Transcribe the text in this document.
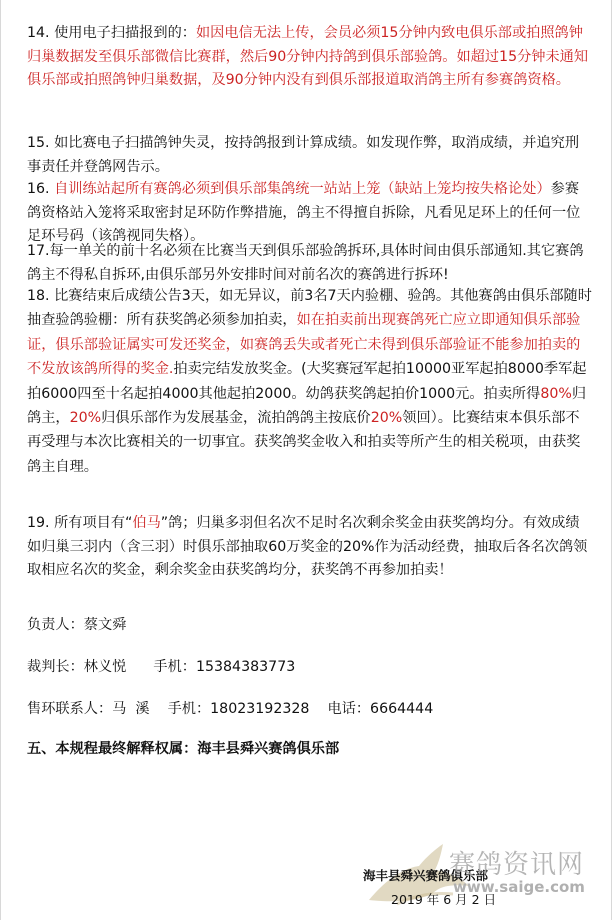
14. 使用电子扫描报到的：如因电信无法上传，会员必须15分钟内致电俱乐部或拍照鸽钟归巢数据发至俱乐部微信比赛群，然后90分钟内持鸽到俱乐部验鸽。如超过15分钟未通知俱乐部或拍照鸽钟归巢数据，及90分钟内没有到俱乐部报道取消鸽主所有参赛鸽资格。
15. 如比赛电子扫描鸽钟失灵，按持鸽报到计算成绩。如发现作弊，取消成绩，并追究刑事责任并登鸽网告示。
16. 自训练站起所有赛鸽必须到俱乐部集鸽统一站站上笼（缺站上笼均按失格论处）参赛鸽资格站入笼将采取密封足环防作弊措施，鸽主不得擅自拆除，凡看见足环上的任何一位足环号码（该鸽视同失格）。
17.每一单关的前十名必须在比赛当天到俱乐部验鸽拆环,具体时间由俱乐部通知.其它赛鸽鸽主不得私自拆环,由俱乐部另外安排时间对前名次的赛鸽进行拆环!
18. 比赛结束后成绩公告3天，如无异议，前3名7天内验棚、验鸽。其他赛鸽由俱乐部随时抽查验鸽验棚：所有获奖鸽必须参加拍卖，如在拍卖前出现赛鸽死亡应立即通知俱乐部验证，俱乐部验证属实可发还奖金，如赛鸽丢失或者死亡未得到俱乐部验证不能参加拍卖的不发放该鸽所得的奖金.拍卖完结发放奖金。(大奖赛冠军起拍10000亚军起拍8000季军起拍6000四至十名起拍4000其他起拍2000。幼鸽获奖鸽起拍价1000元。拍卖所得80%归鸽主，20%归俱乐部作为发展基金，流拍鸽鸽主按底价20%领回）。比赛结束本俱乐部不再受理与本次比赛相关的一切事宜。获奖鸽奖金收入和拍卖等所产生的相关税项，由获奖鸽主自理。
19. 所有项目有“伯马”鸽；归巢多羽但名次不足时名次剩余奖金由获奖鸽均分。有效成绩如归巢三羽内（含三羽）时俱乐部抽取60万奖金的20%作为活动经费，抽取后各名次鸽领取相应名次的奖金，剩余奖金由获奖鸽均分，获奖鸽不再参加拍卖！
负责人：蔡文舜
裁判长：林义悦 手机：15384383773
售环联系人：马  溪 手机：18023192328 电话：6664444
五、本规程最终解释权属：海丰县舜兴赛鸽俱乐部
海丰县舜兴赛鸽俱乐部
2019 年 6 月 2 日
赛鸽资讯网
www.saige.com
